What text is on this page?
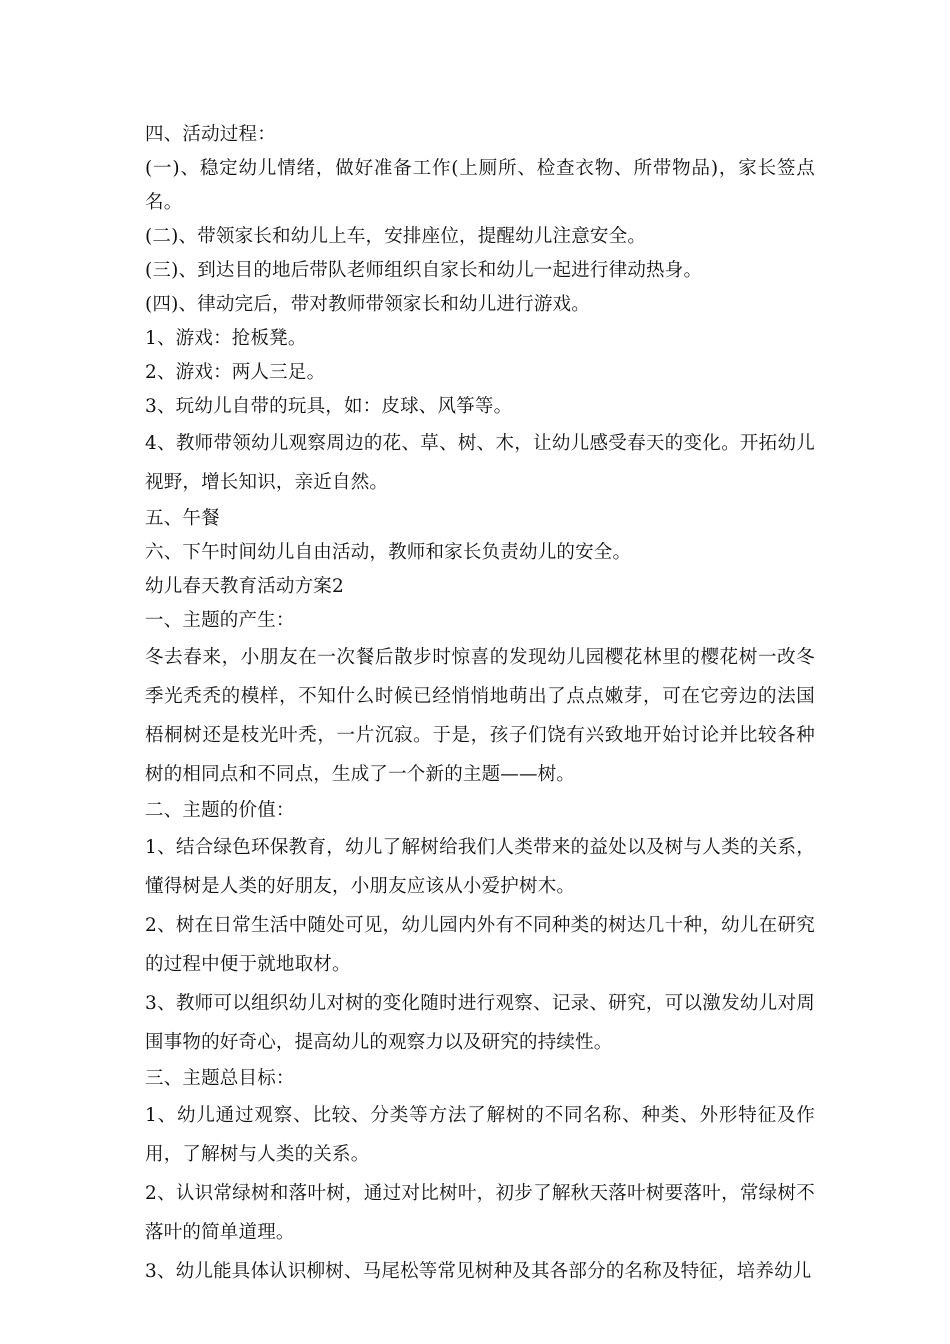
四、活动过程：

(一)、稳定幼儿情绪，做好准备工作(上厕所、检查衣物、所带物品)，家长签点名。

(二)、带领家长和幼儿上车，安排座位，提醒幼儿注意安全。

(三)、到达目的地后带队老师组织自家长和幼儿一起进行律动热身。

(四)、律动完后，带对教师带领家长和幼儿进行游戏。

1、游戏：抢板凳。

2、游戏：两人三足。

3、玩幼儿自带的玩具，如：皮球、风筝等。

4、教师带领幼儿观察周边的花、草、树、木，让幼儿感受春天的变化。开拓幼儿视野，增长知识，亲近自然。

五、午餐

六、下午时间幼儿自由活动，教师和家长负责幼儿的安全。

幼儿春天教育活动方案2

一、主题的产生：

冬去春来，小朋友在一次餐后散步时惊喜的发现幼儿园樱花林里的樱花树一改冬季光秃秃的模样，不知什么时候已经悄悄地萌出了点点嫩芽，可在它旁边的法国梧桐树还是枝光叶秃，一片沉寂。于是，孩子们饶有兴致地开始讨论并比较各种树的相同点和不同点，生成了一个新的主题——树。

二、主题的价值：

1、结合绿色环保教育，幼儿了解树给我们人类带来的益处以及树与人类的关系，懂得树是人类的好朋友，小朋友应该从小爱护树木。

2、树在日常生活中随处可见，幼儿园内外有不同种类的树达几十种，幼儿在研究的过程中便于就地取材。

3、教师可以组织幼儿对树的变化随时进行观察、记录、研究，可以激发幼儿对周围事物的好奇心，提高幼儿的观察力以及研究的持续性。

三、主题总目标：

1、幼儿通过观察、比较、分类等方法了解树的不同名称、种类、外形特征及作用，了解树与人类的关系。

2、认识常绿树和落叶树，通过对比树叶，初步了解秋天落叶树要落叶，常绿树不落叶的简单道理。

3、幼儿能具体认识柳树、马尾松等常见树种及其各部分的名称及特征，培养幼儿
